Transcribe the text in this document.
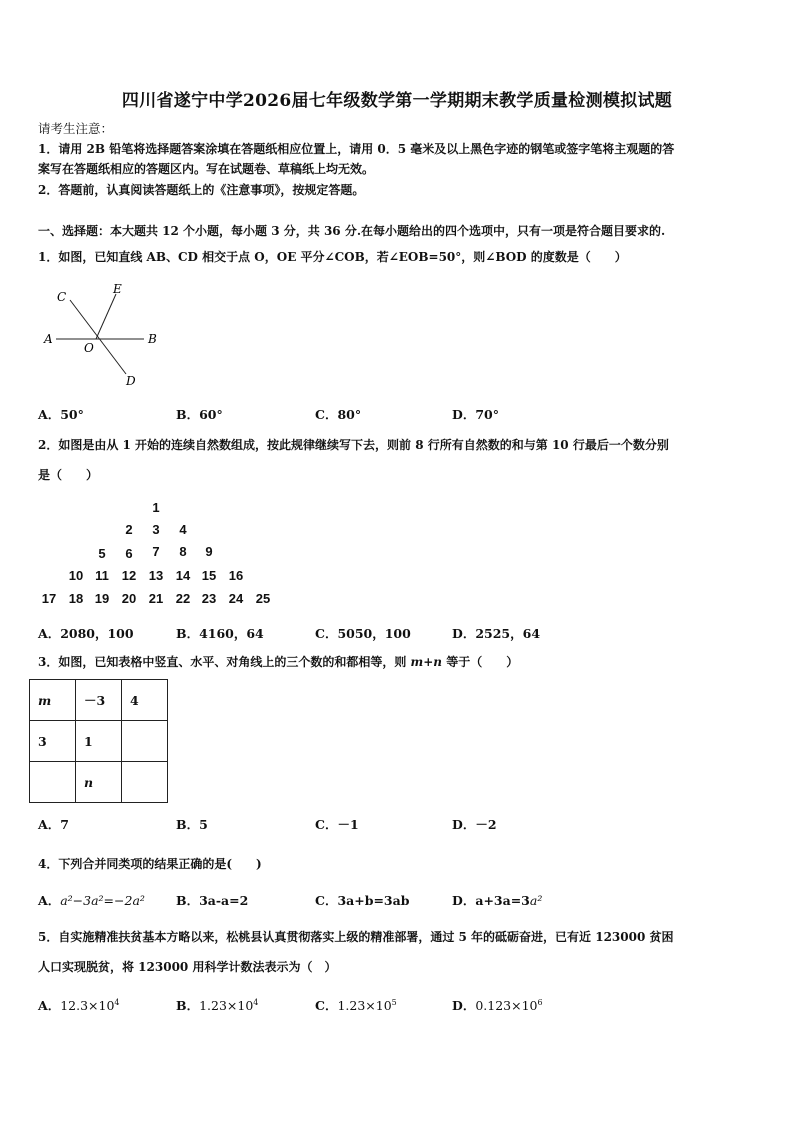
四川省遂宁中学2026届七年级数学第一学期期末教学质量检测模拟试题
请考生注意：
1．请用 2B 铅笔将选择题答案涂填在答题纸相应位置上，请用 0．5 毫米及以上黑色字迹的钢笔或签字笔将主观题的答
案写在答题纸相应的答题区内。写在试题卷、草稿纸上均无效。
2．答题前，认真阅读答题纸上的《注意事项》，按规定答题。
一、选择题：本大题共 12 个小题，每小题 3 分，共 36 分.在每小题给出的四个选项中，只有一项是符合题目要求的.
1．如图，已知直线 AB、CD 相交于点 O，OE 平分∠COB，若∠EOB=50°，则∠BOD 的度数是（　　）
A	B
C
D
E
O
A．50°	B．60°	C．80°	D．70°
2．如图是由从 1 开始的连续自然数组成，按此规律继续写下去，则前 8 行所有自然数的和与第 10 行最后一个数分别
是（　　）
1
2	3	4
5	6	7	8	9
10 11 12 13 14 15 16
17 18 19 20 21 22 23 24 25
A．2080，100	B．4160，64	C．5050，100	D．2525，64
3．如图，已知表格中竖直、水平、对角线上的三个数的和都相等，则 m+n 等于（　　）
m	－3	4
3	1	
	n	
A．7	B．5	C．－1	D．－2
4．下列合并同类项的结果正确的是(　　)
A．a²−3a²=−2a² B．3a-a=2	C．3a+b=3ab	D．a+3a=3a²
5．自实施精准扶贫基本方略以来，松桃县认真贯彻落实上级的精准部署，通过 5 年的砥砺奋进，已有近 123000 贫困
人口实现脱贫，将 123000 用科学计数法表示为（　）
A．$12.3\times 10^4$	B．$1.23\times 10^4$	C．$1.23\times 10^5$	D．$0.123\times 10^6$
